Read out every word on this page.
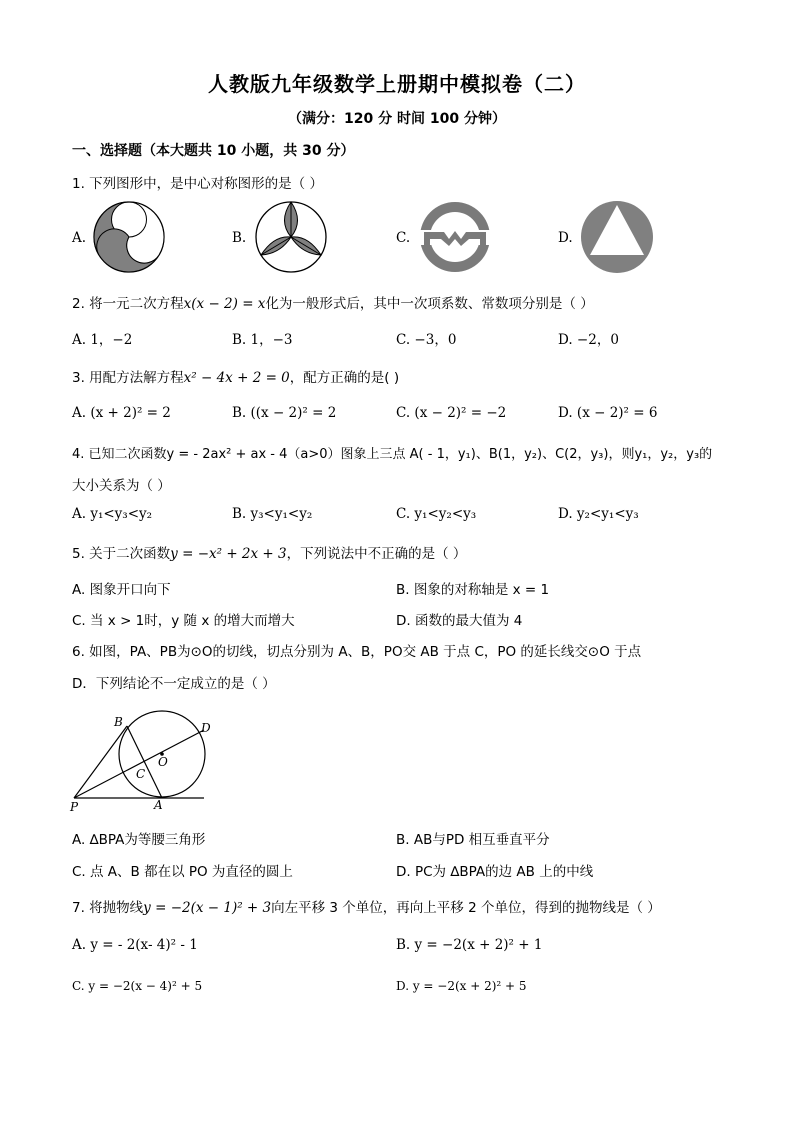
人教版九年级数学上册期中模拟卷（二）
（满分：120 分 时间 100 分钟）
一、选择题（本大题共 10 小题，共 30 分）
1. 下列图形中，是中心对称图形的是（ ）
A.	B.	C.	D.
2. 将一元二次方程x(x − 2) = x化为一般形式后，其中一次项系数、常数项分别是（ ）
A. 1，−2	B. 1，−3	C. −3，0	D. −2，0
3. 用配方法解方程x² − 4x + 2 = 0，配方正确的是( )
A. (x + 2)² = 2	B. ((x − 2)² = 2	C. (x − 2)² = −2	D. (x − 2)² = 6
4. 已知二次函数y = - 2ax² + ax - 4（a>0）图象上三点 A( - 1，y₁)、B(1，y₂)、C(2，y₃)，则y₁，y₂，y₃的
大小关系为（ ）
A. y₁<y₃<y₂	B. y₃<y₁<y₂	C. y₁<y₂<y₃	D. y₂<y₁<y₃
5. 关于二次函数y = −x² + 2x + 3，下列说法中不正确的是（ ）
A. 图象开口向下	B. 图象的对称轴是 x = 1
C. 当 x > 1时，y 随 x 的增大而增大	D. 函数的最大值为 4
6. 如图，PA、PB为⊙O的切线，切点分别为 A、B，PO交 AB 于点 C，PO 的延长线交⊙O 于点
D．下列结论不一定成立的是（ ）
B	D
O
C
P	A
A. ∆BPA为等腰三角形	B. AB与PD 相互垂直平分
C. 点 A、B 都在以 PO 为直径的圆上	D. PC为 ∆BPA的边 AB 上的中线
7. 将抛物线y = −2(x − 1)² + 3向左平移 3 个单位，再向上平移 2 个单位，得到的抛物线是（ ）
A. y = - 2(x- 4)² - 1	B. y = −2(x + 2)² + 1
C. y = −2(x − 4)² + 5	D. y = −2(x + 2)² + 5
